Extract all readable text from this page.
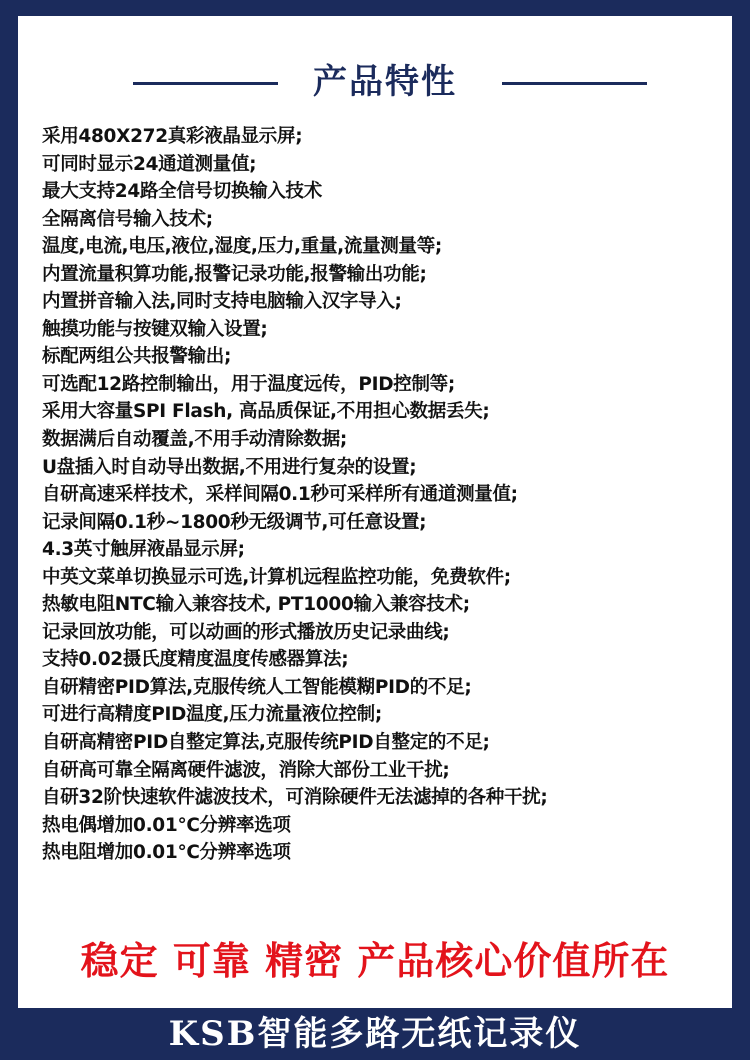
产品特性
采用480X272真彩液晶显示屏;
可同时显示24通道测量值;
最大支持24路全信号切换输入技术
全隔离信号输入技术;
温度,电流,电压,液位,湿度,压力,重量,流量测量等;
内置流量积算功能,报警记录功能,报警输出功能;
内置拼音输入法,同时支持电脑输入汉字导入;
触摸功能与按键双输入设置;
标配两组公共报警输出;
可选配12路控制输出，用于温度远传，PID控制等;
采用大容量SPI Flash, 高品质保证,不用担心数据丢失;
数据满后自动覆盖,不用手动清除数据;
U盘插入时自动导出数据,不用进行复杂的设置;
自研高速采样技术，采样间隔0.1秒可采样所有通道测量值;
记录间隔0.1秒~1800秒无级调节,可任意设置;
4.3英寸触屏液晶显示屏;
中英文菜单切换显示可选,计算机远程监控功能，免费软件;
热敏电阻NTC输入兼容技术, PT1000输入兼容技术;
记录回放功能，可以动画的形式播放历史记录曲线;
支持0.02摄氏度精度温度传感器算法;
自研精密PID算法,克服传统人工智能模糊PID的不足;
可进行高精度PID温度,压力流量液位控制;
自研高精密PID自整定算法,克服传统PID自整定的不足;
自研高可靠全隔离硬件滤波，消除大部份工业干扰;
自研32阶快速软件滤波技术，可消除硬件无法滤掉的各种干扰;
热电偶增加0.01℃分辨率选项
热电阻增加0.01℃分辨率选项
稳定 可靠 精密 产品核心价值所在
KSB智能多路无纸记录仪
